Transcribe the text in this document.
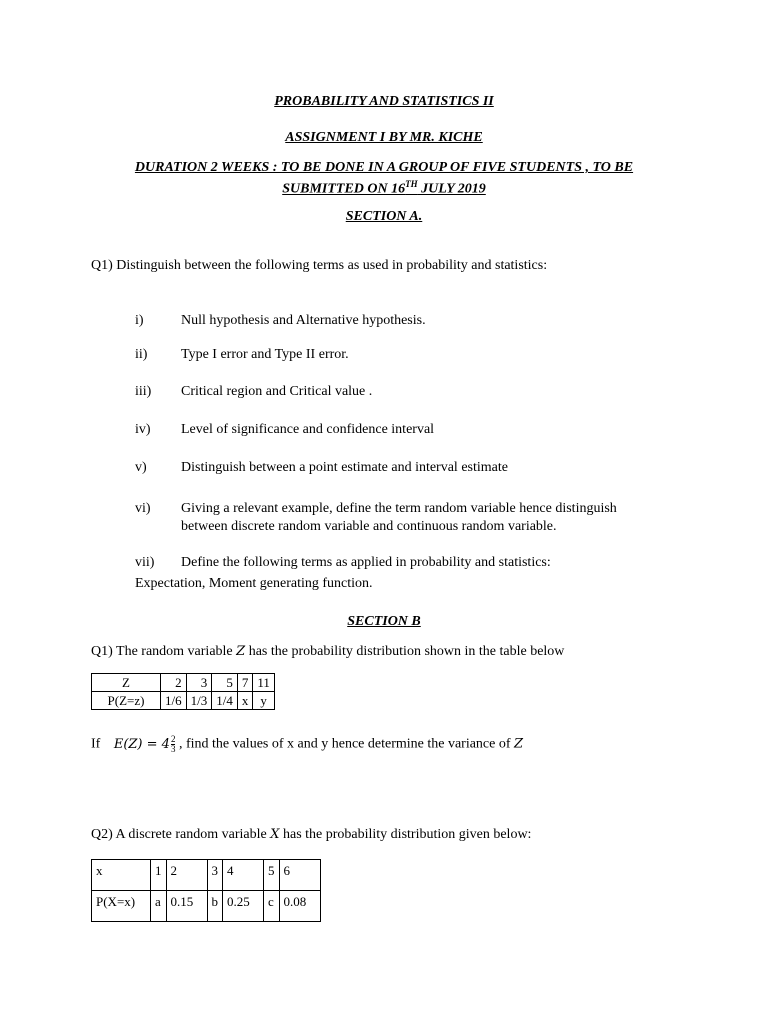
PROBABILITY AND STATISTICS II
ASSIGNMENT I BY MR. KICHE
DURATION 2 WEEKS : TO BE DONE IN A GROUP OF FIVE STUDENTS , TO BE
SUBMITTED ON 16TH JULY 2019
SECTION A.
Q1) Distinguish between the following terms as used in probability and statistics:
i)	Null hypothesis and Alternative hypothesis.
ii) Type I error and Type II error.
iii) Critical region and Critical value .
iv) Level of significance and confidence interval
v) Distinguish between a point estimate and interval estimate
vi) Giving a relevant example, define the term random variable hence distinguish
between discrete random variable and continuous random variable.
vii) Define the following terms as applied in probability and statistics:
Expectation, Moment generating function.
SECTION B
Q1) The random variable Z has the probability distribution shown in the table below
Z	2	3	5	7	11
P(Z=z)	1/6	1/3	1/4	x	y
If $E(Z) = 4 \frac{2}{3}$ , find the values of x and y hence determine the variance of Z
Q2) A discrete random variable X has the probability distribution given below:
x	1	2	3	4	5	6
P(X=x)	a	0.15	b	0.25	c	0.08
